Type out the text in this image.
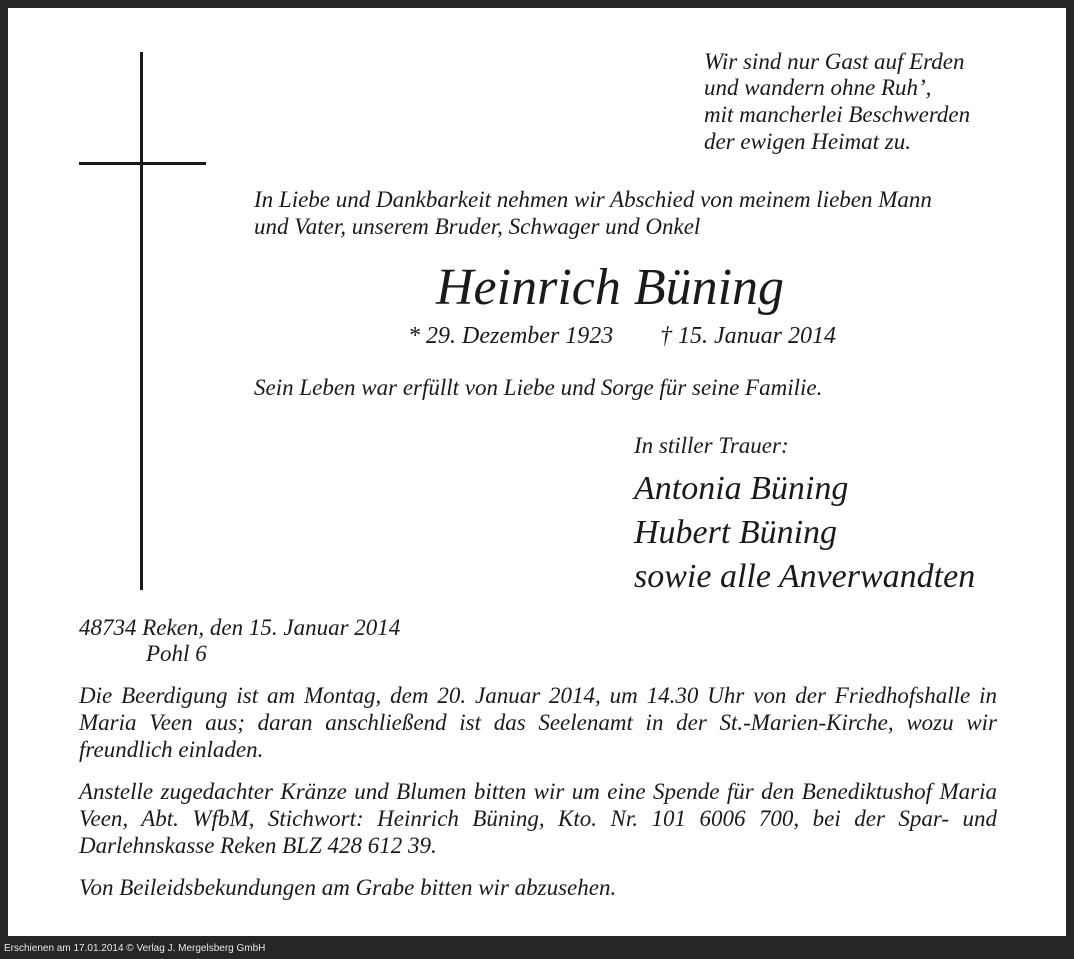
Wir sind nur Gast auf Erden

und wandern ohne Ruh’,

mit mancherlei Beschwerden

der ewigen Heimat zu.

In Liebe und Dankbarkeit nehmen wir Abschied von meinem lieben Mann

und Vater, unserem Bruder, Schwager und Onkel

Heinrich Büning

* 29. Dezember 1923 † 15. Januar 2014

Sein Leben war erfüllt von Liebe und Sorge für seine Familie.

In stiller Trauer:

Antonia Büning

Hubert Büning

sowie alle Anverwandten

48734 Reken, den 15. Januar 2014

Pohl 6

Die Beerdigung ist am Montag, dem 20. Januar 2014, um 14.30 Uhr von der Friedhofshalle in Maria Veen aus; daran anschließend ist das Seelenamt in der St.-Marien-Kirche, wozu wir freundlich einladen.

Anstelle zugedachter Kränze und Blumen bitten wir um eine Spende für den Benediktushof Maria Veen, Abt. WfbM, Stichwort: Heinrich Büning, Kto. Nr. 101 6006 700, bei der Spar- und Darlehnskasse Reken BLZ 428 612 39.

Von Beileidsbekundungen am Grabe bitten wir abzusehen.

Erschienen am 17.01.2014 © Verlag J. Mergelsberg GmbH
